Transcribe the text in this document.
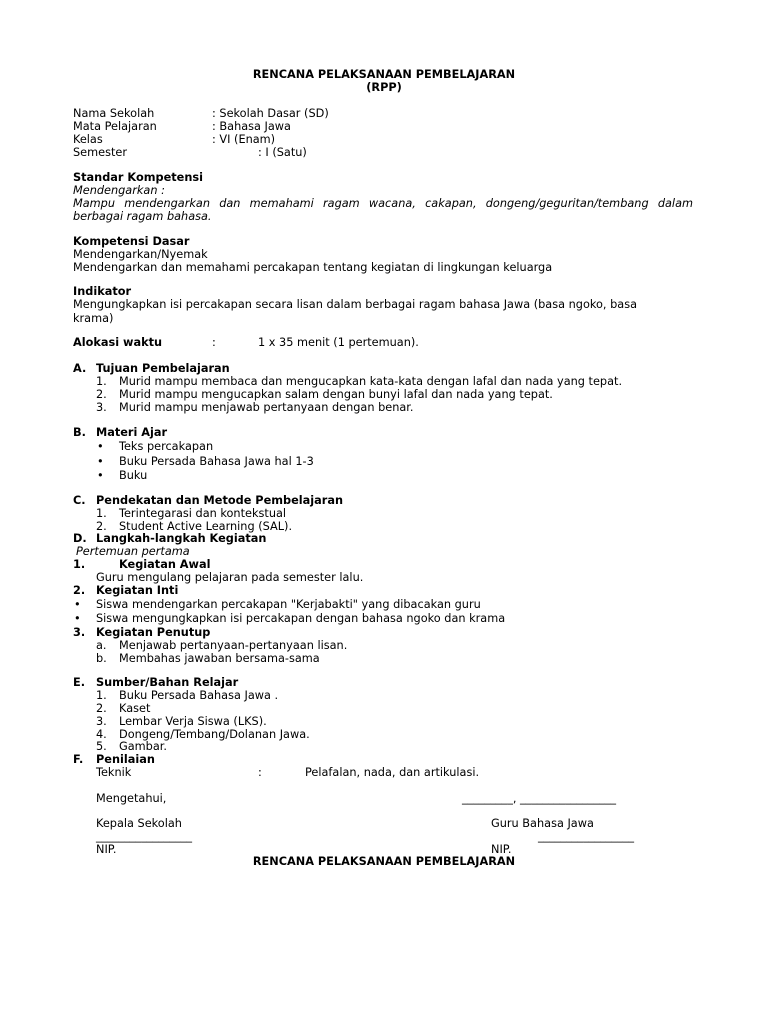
RENCANA PELAKSANAAN PEMBELAJARAN
(RPP)
Nama Sekolah	: Sekolah Dasar (SD)
Mata Pelajaran	: Bahasa Jawa
Kelas	: VI (Enam)
Semester	: I (Satu)
Standar Kompetensi
Mendengarkan :
Mampu mendengarkan dan memahami ragam wacana, cakapan, dongeng/geguritan/tembang dalam
berbagai ragam bahasa.
Kompetensi Dasar
Mendengarkan/Nyemak
Mendengarkan dan memahami percakapan tentang kegiatan di lingkungan keluarga
Indikator
Mengungkapkan isi percakapan secara lisan dalam berbagai ragam bahasa Jawa (basa ngoko, basa
krama)
Alokasi waktu	:	1 x 35 menit (1 pertemuan).
A. Tujuan Pembelajaran
1. Murid mampu membaca dan mengucapkan kata-kata dengan lafal dan nada yang tepat.
2. Murid mampu mengucapkan salam dengan bunyi lafal dan nada yang tepat.
3. Murid mampu menjawab pertanyaan dengan benar.
B. Materi Ajar
• Teks percakapan
• Buku Persada Bahasa Jawa hal 1-3
• Buku
C. Pendekatan dan Metode Pembelajaran
1. Terintegarasi dan kontekstual
2. Student Active Learning (SAL).
D. Langkah-langkah Kegiatan
Pertemuan pertama
1.	Kegiatan Awal
Guru mengulang pelajaran pada semester lalu.
2. Kegiatan Inti
• Siswa mendengarkan percakapan "Kerjabakti" yang dibacakan guru
• Siswa mengungkapkan isi percakapan dengan bahasa ngoko dan krama
3. Kegiatan Penutup
a. Menjawab pertanyaan-pertanyaan lisan.
b. Membahas jawaban bersama-sama
E. Sumber/Bahan Relajar
1. Buku Persada Bahasa Jawa .
2. Kaset
3. Lembar Verja Siswa (LKS).
4. Dongeng/Tembang/Dolanan Jawa.
5. Gambar.
F. Penilaian
Teknik	:	Pelafalan, nada, dan artikulasi.
Mengetahui,	_________, _________________
Kepala Sekolah	Guru Bahasa Jawa
_________________	_________________
NIP.	NIP.
RENCANA PELAKSANAAN PEMBELAJARAN
